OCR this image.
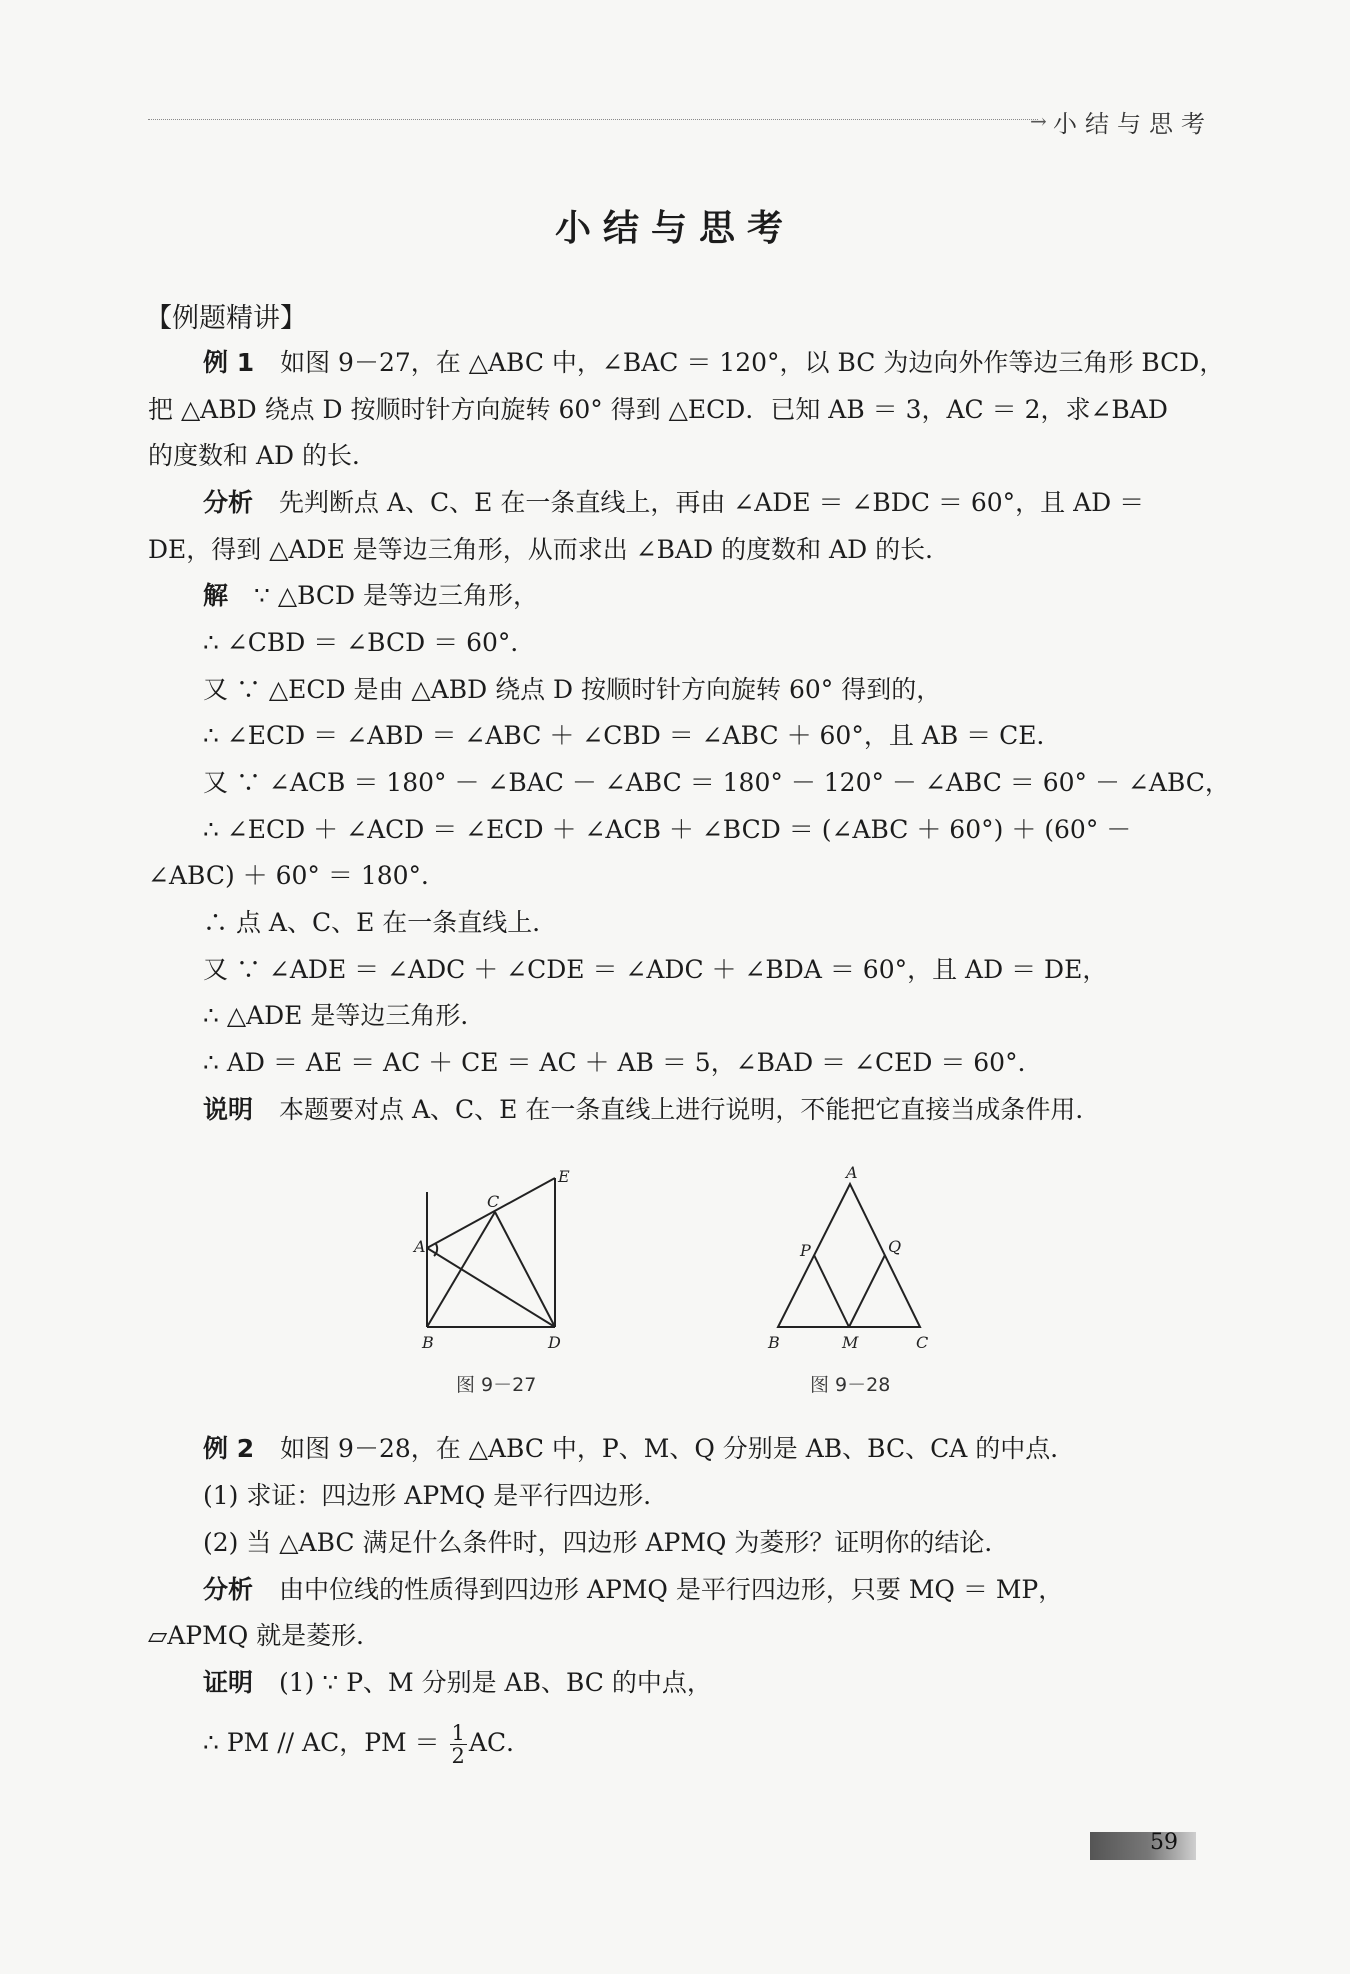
→ 小结与思考
小结与思考
【例题精讲】
例 1 如图 9－27，在 △ABC 中，∠BAC ＝ 120°，以 BC 为边向外作等边三角形 BCD，
把 △ABD 绕点 D 按顺时针方向旋转 60° 得到 △ECD．已知 AB ＝ 3，AC ＝ 2，求∠BAD
的度数和 AD 的长．
分析 先判断点 A、C、E 在一条直线上，再由 ∠ADE ＝ ∠BDC ＝ 60°，且 AD ＝
DE，得到 △ADE 是等边三角形，从而求出 ∠BAD 的度数和 AD 的长．
解 ∵ △BCD 是等边三角形，
∴ ∠CBD ＝ ∠BCD ＝ 60°．
又 ∵ △ECD 是由 △ABD 绕点 D 按顺时针方向旋转 60° 得到的，
∴ ∠ECD ＝ ∠ABD ＝ ∠ABC ＋ ∠CBD ＝ ∠ABC ＋ 60°，且 AB ＝ CE．
又 ∵ ∠ACB ＝ 180° － ∠BAC － ∠ABC ＝ 180° － 120° － ∠ABC ＝ 60° － ∠ABC，
∴ ∠ECD ＋ ∠ACD ＝ ∠ECD ＋ ∠ACB ＋ ∠BCD ＝ (∠ABC ＋ 60°) ＋ (60° －
∠ABC) ＋ 60° ＝ 180°．
∴ 点 A、C、E 在一条直线上．
又 ∵ ∠ADE ＝ ∠ADC ＋ ∠CDE ＝ ∠ADC ＋ ∠BDA ＝ 60°，且 AD ＝ DE，
∴ △ADE 是等边三角形．
∴ AD ＝ AE ＝ AC ＋ CE ＝ AC ＋ AB ＝ 5，∠BAD ＝ ∠CED ＝ 60°．
说明 本题要对点 A、C、E 在一条直线上进行说明，不能把它直接当成条件用．
E
C
A
B	D
图 9－27
A
P	Q
B	M	C
图 9－28
例 2 如图 9－28，在 △ABC 中，P、M、Q 分别是 AB、BC、CA 的中点．
(1) 求证：四边形 APMQ 是平行四边形．
(2) 当 △ABC 满足什么条件时，四边形 APMQ 为菱形？证明你的结论．
分析 由中位线的性质得到四边形 APMQ 是平行四边形，只要 MQ ＝ MP，
▱APMQ 就是菱形．
证明 (1) ∵ P、M 分别是 AB、BC 的中点，
∴ PM // AC，PM ＝ $\frac{1}{2}$ AC．
59
